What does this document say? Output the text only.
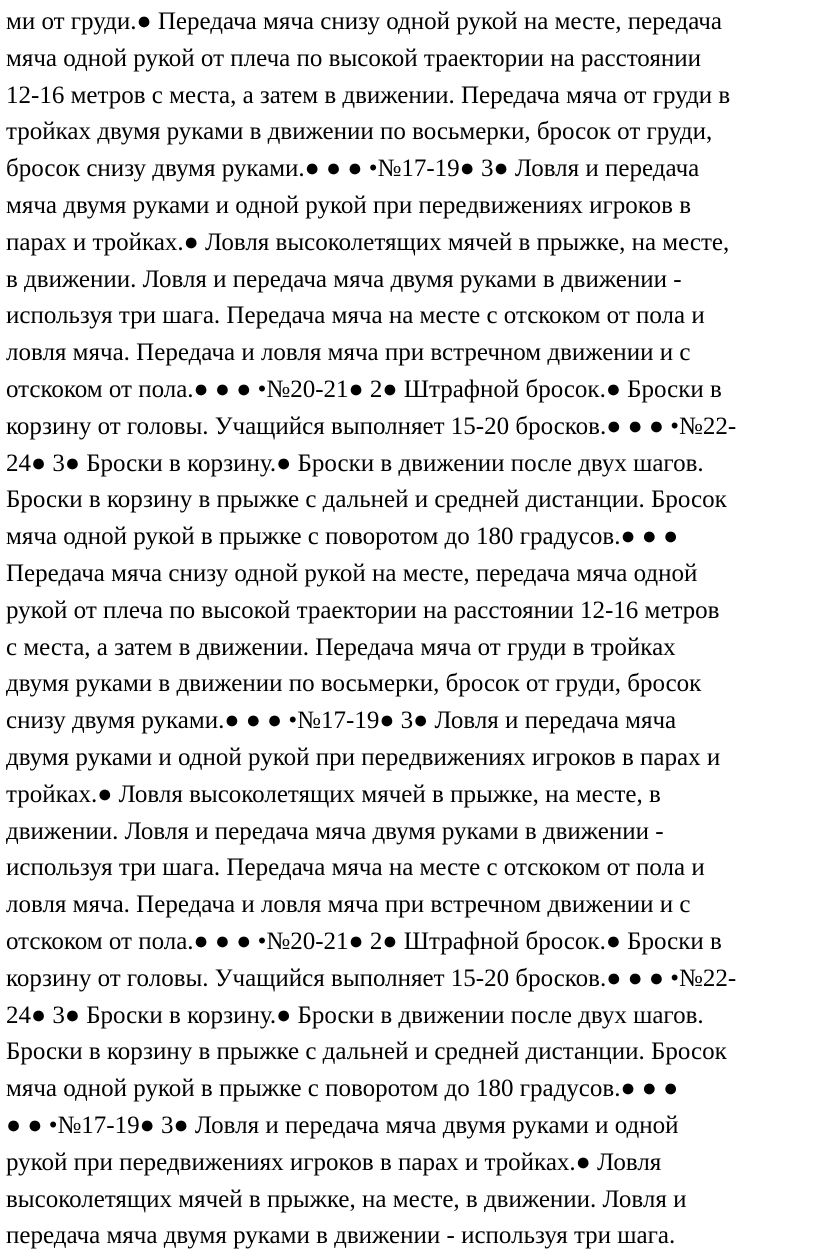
ми от груди.● Передача мяча снизу одной рукой на месте, передача
мяча одной рукой от плеча по высокой траектории на расстоянии
12-16 метров с места, а затем в движении. Передача мяча от груди в
тройках двумя руками в движении по восьмерки, бросок от груди,
бросок снизу двумя руками.● ● ● •№17-19● 3● Ловля и передача
мяча двумя руками и одной рукой при передвижениях игроков в
парах и тройках.● Ловля высоколетящих мячей в прыжке, на месте,
в движении. Ловля и передача мяча двумя руками в движении -
используя три шага. Передача мяча на месте с отскоком от пола и
ловля мяча. Передача и ловля мяча при встречном движении и с
отскоком от пола.● ● ● •№20-21● 2● Штрафной бросок.● Броски в
корзину от головы. Учащийся выполняет 15-20 бросков.● ● ● •№22-
24● 3● Броски в корзину.● Броски в движении после двух шагов.
Броски в корзину в прыжке с дальней и средней дистанции. Бросок
мяча одной рукой в прыжке с поворотом до 180 градусов.● ● ●
Передача мяча снизу одной рукой на месте, передача мяча одной
рукой от плеча по высокой траектории на расстоянии 12-16 метров
с места, а затем в движении. Передача мяча от груди в тройках
двумя руками в движении по восьмерки, бросок от груди, бросок
снизу двумя руками.● ● ● •№17-19● 3● Ловля и передача мяча
двумя руками и одной рукой при передвижениях игроков в парах и
тройках.● Ловля высоколетящих мячей в прыжке, на месте, в
движении. Ловля и передача мяча двумя руками в движении -
используя три шага. Передача мяча на месте с отскоком от пола и
ловля мяча. Передача и ловля мяча при встречном движении и с
отскоком от пола.● ● ● •№20-21● 2● Штрафной бросок.● Броски в
корзину от головы. Учащийся выполняет 15-20 бросков.● ● ● •№22-
24● 3● Броски в корзину.● Броски в движении после двух шагов.
Броски в корзину в прыжке с дальней и средней дистанции. Бросок
мяча одной рукой в прыжке с поворотом до 180 градусов.● ● ●
● ● •№17-19● 3● Ловля и передача мяча двумя руками и одной
рукой при передвижениях игроков в парах и тройках.● Ловля
высоколетящих мячей в прыжке, на месте, в движении. Ловля и
передача мяча двумя руками в движении - используя три шага.
